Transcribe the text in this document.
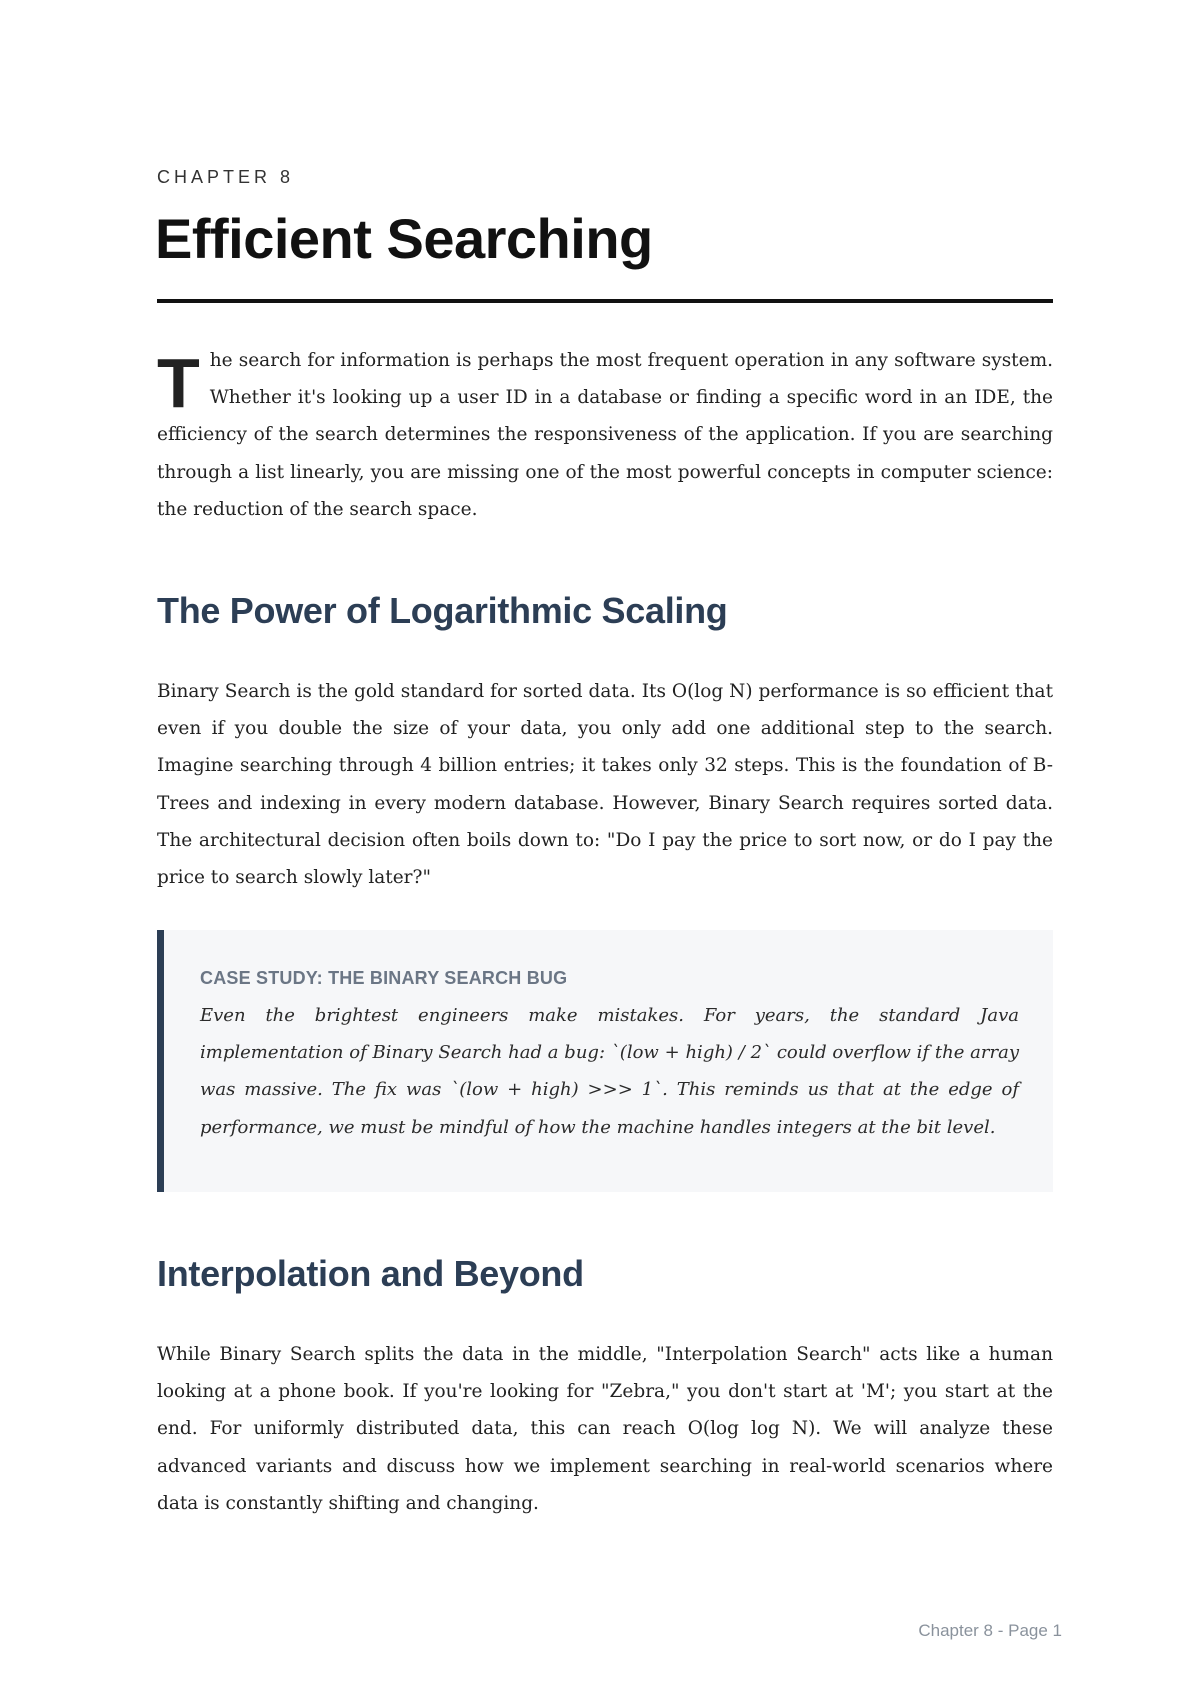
CHAPTER 8
Efficient Searching

The search for information is perhaps the most frequent operation in any software system. Whether it's looking up a user ID in a database or finding a specific word in an IDE, the efficiency of the search determines the responsiveness of the application. If you are searching through a list linearly, you are missing one of the most powerful concepts in computer science: the reduction of the search space.

The Power of Logarithmic Scaling

Binary Search is the gold standard for sorted data. Its O(log N) performance is so efficient that even if you double the size of your data, you only add one additional step to the search. Imagine searching through 4 billion entries; it takes only 32 steps. This is the foundation of B-Trees and indexing in every modern database. However, Binary Search requires sorted data. The architectural decision often boils down to: "Do I pay the price to sort now, or do I pay the price to search slowly later?"

CASE STUDY: THE BINARY SEARCH BUG

Even the brightest engineers make mistakes. For years, the standard Java implementation of Binary Search had a bug: `(low + high) / 2` could overflow if the array was massive. The fix was `(low + high) >>> 1`. This reminds us that at the edge of performance, we must be mindful of how the machine handles integers at the bit level.

Interpolation and Beyond

While Binary Search splits the data in the middle, "Interpolation Search" acts like a human looking at a phone book. If you're looking for "Zebra," you don't start at 'M'; you start at the end. For uniformly distributed data, this can reach O(log log N). We will analyze these advanced variants and discuss how we implement searching in real-world scenarios where data is constantly shifting and changing.

Chapter 8 - Page 1
